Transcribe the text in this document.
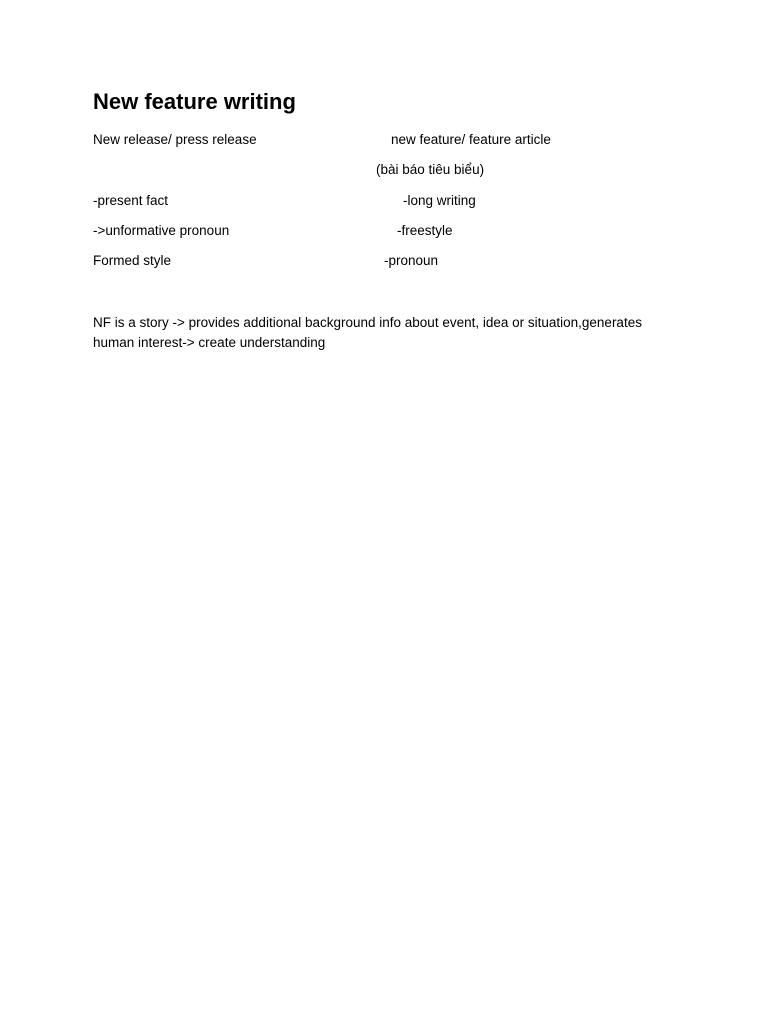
New feature writing

New release/ press release	new feature/ feature article

(bài báo tiêu biểu)

-present fact	-long writing

->unformative pronoun	-freestyle

Formed style	-pronoun

NF is a story -> provides additional background info about event, idea or situation,generates human interest-> create understanding
